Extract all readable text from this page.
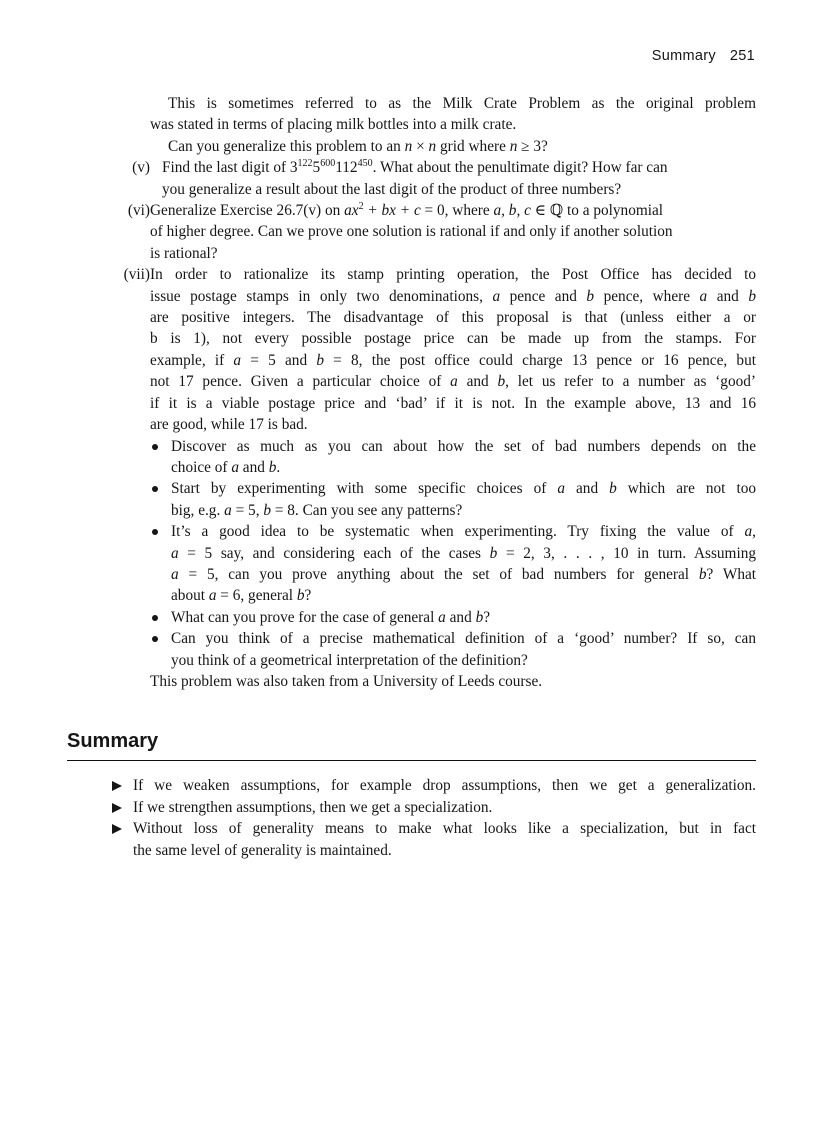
Summary 251
This is sometimes referred to as the Milk Crate Problem as the original problem
was stated in terms of placing milk bottles into a milk crate.
Can you generalize this problem to an n × n grid where n ≥ 3?
(v) Find the last digit of $3^{122}5^{600}112^{450}$. What about the penultimate digit? How far can
you generalize a result about the last digit of the product of three numbers?
(vi) Generalize Exercise 26.7(v) on $ax^2$ + bx + c = 0, where a, b, c ∈ ℚ to a polynomial
of higher degree. Can we prove one solution is rational if and only if another solution
is rational?
(vii) In order to rationalize its stamp printing operation, the Post Office has decided to
issue postage stamps in only two denominations, a pence and b pence, where a and b
are positive integers. The disadvantage of this proposal is that (unless either a or
b is 1), not every possible postage price can be made up from the stamps. For
example, if a = 5 and b = 8, the post office could charge 13 pence or 16 pence, but
not 17 pence. Given a particular choice of a and b, let us refer to a number as ‘good’
if it is a viable postage price and ‘bad’ if it is not. In the example above, 13 and 16
are good, while 17 is bad.
Discover as much as you can about how the set of bad numbers depends on the
choice of a and b.
Start by experimenting with some specific choices of a and b which are not too
big, e.g. a = 5, b = 8. Can you see any patterns?
It’s a good idea to be systematic when experimenting. Try fixing the value of a,
a = 5 say, and considering each of the cases b = 2, 3, . . . , 10 in turn. Assuming
a = 5, can you prove anything about the set of bad numbers for general b? What
about a = 6, general b?
What can you prove for the case of general a and b?
Can you think of a precise mathematical definition of a ‘good’ number? If so, can
you think of a geometrical interpretation of the definition?
This problem was also taken from a University of Leeds course.
Summary
If we weaken assumptions, for example drop assumptions, then we get a generalization.
If we strengthen assumptions, then we get a specialization.
Without loss of generality means to make what looks like a specialization, but in fact
the same level of generality is maintained.
